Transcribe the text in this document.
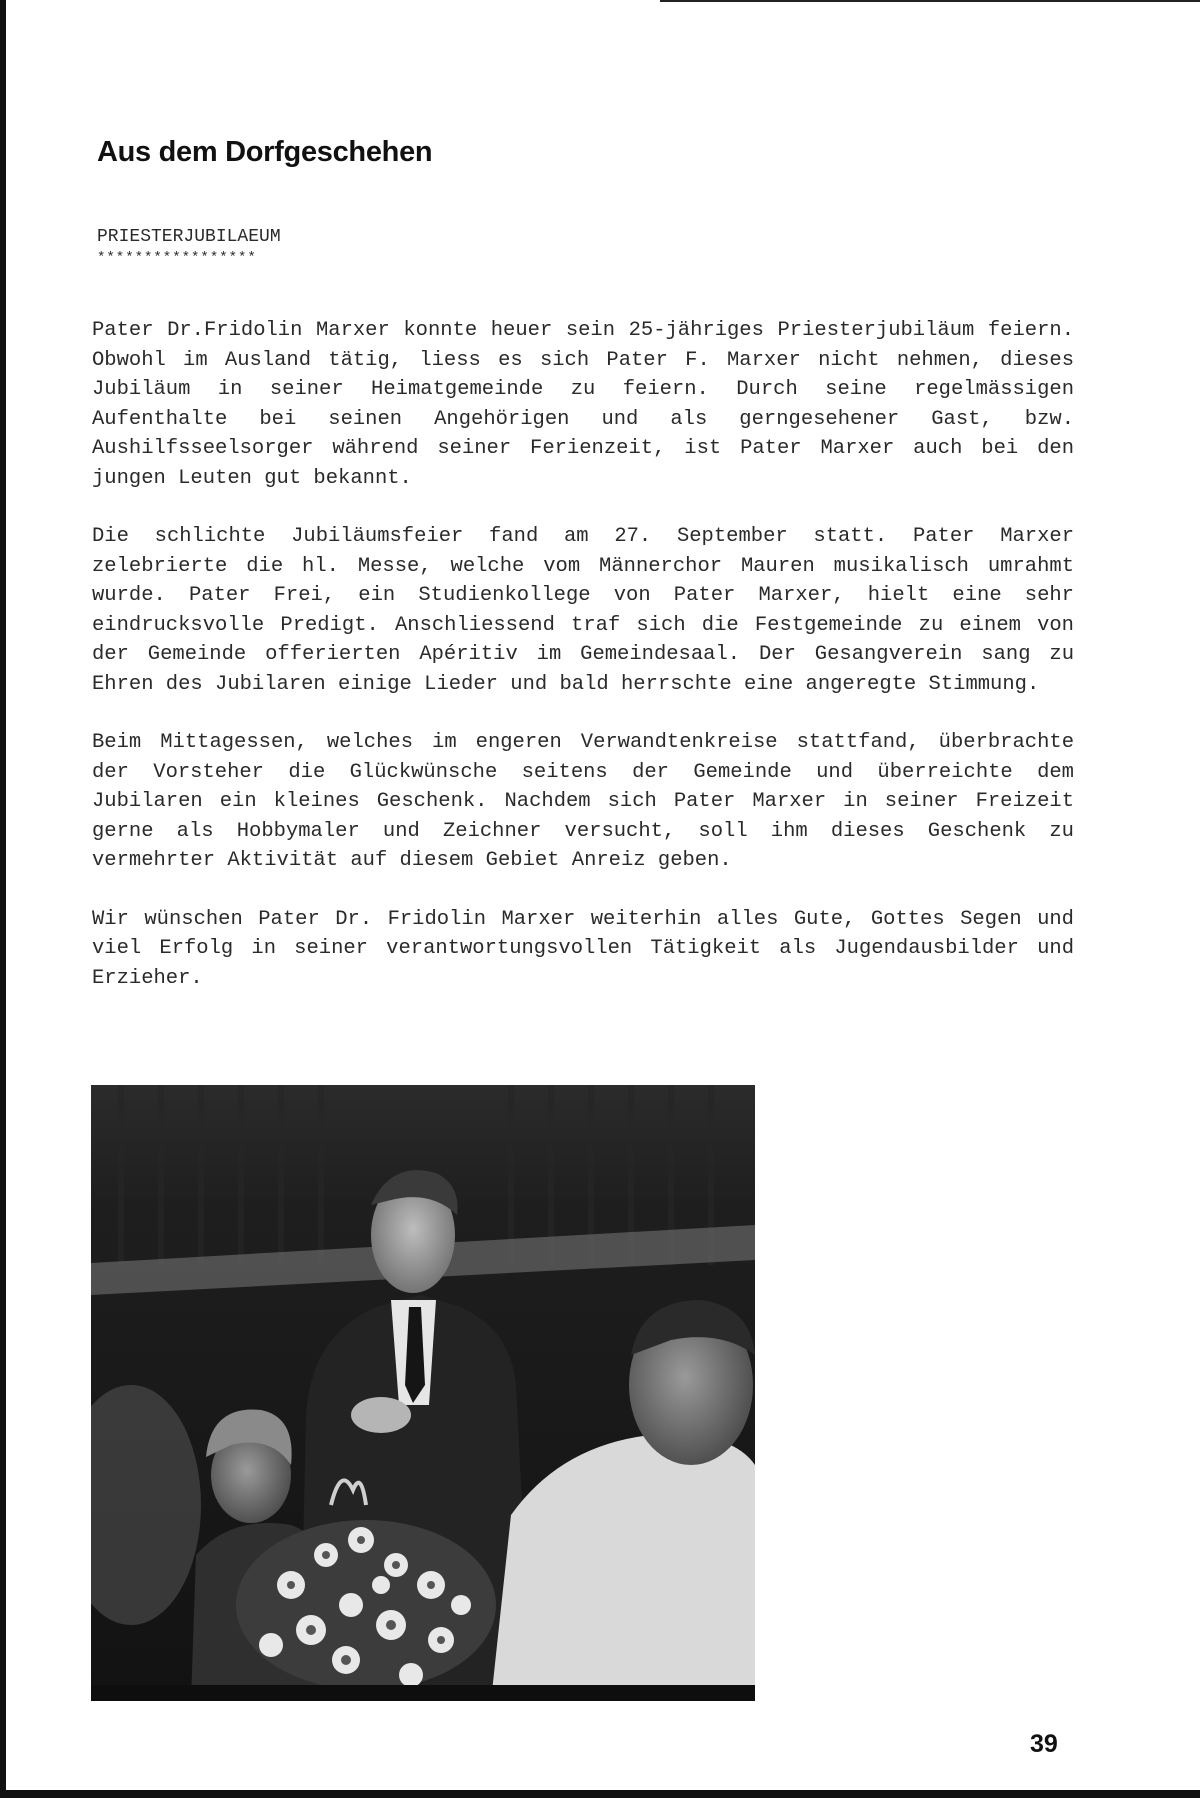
Aus dem Dorfgeschehen
PRIESTERJUBILAEUM
*****************

Pater Dr.Fridolin Marxer konnte heuer sein 25-jähriges Priesterjubiläum feiern. Obwohl im Ausland tätig, liess es sich Pater F. Marxer nicht nehmen, dieses Jubiläum in seiner Heimatgemeinde zu feiern. Durch seine regelmässigen Aufenthalte bei seinen Angehörigen und als gerngesehener Gast, bzw. Aushilfsseelsorger während seiner Ferienzeit, ist Pater Marxer auch bei den jungen Leuten gut bekannt.

Die schlichte Jubiläumsfeier fand am 27. September statt. Pater Marxer zelebrierte die hl. Messe, welche vom Männerchor Mauren musikalisch umrahmt wurde. Pater Frei, ein Studienkollege von Pater Marxer, hielt eine sehr eindrucksvolle Predigt. Anschliessend traf sich die Festgemeinde zu einem von der Gemeinde offerierten Apéritiv im Gemeindesaal. Der Gesangverein sang zu Ehren des Jubilaren einige Lieder und bald herrschte eine angeregte Stimmung.

Beim Mittagessen, welches im engeren Verwandtenkreise stattfand, überbrachte der Vorsteher die Glückwünsche seitens der Gemeinde und überreichte dem Jubilaren ein kleines Geschenk. Nachdem sich Pater Marxer in seiner Freizeit gerne als Hobbymaler und Zeichner versucht, soll ihm dieses Geschenk zu vermehrter Aktivität auf diesem Gebiet Anreiz geben.

Wir wünschen Pater Dr. Fridolin Marxer weiterhin alles Gute, Gottes Segen und viel Erfolg in seiner verantwortungsvollen Tätigkeit als Jugendausbilder und Erzieher.

39
